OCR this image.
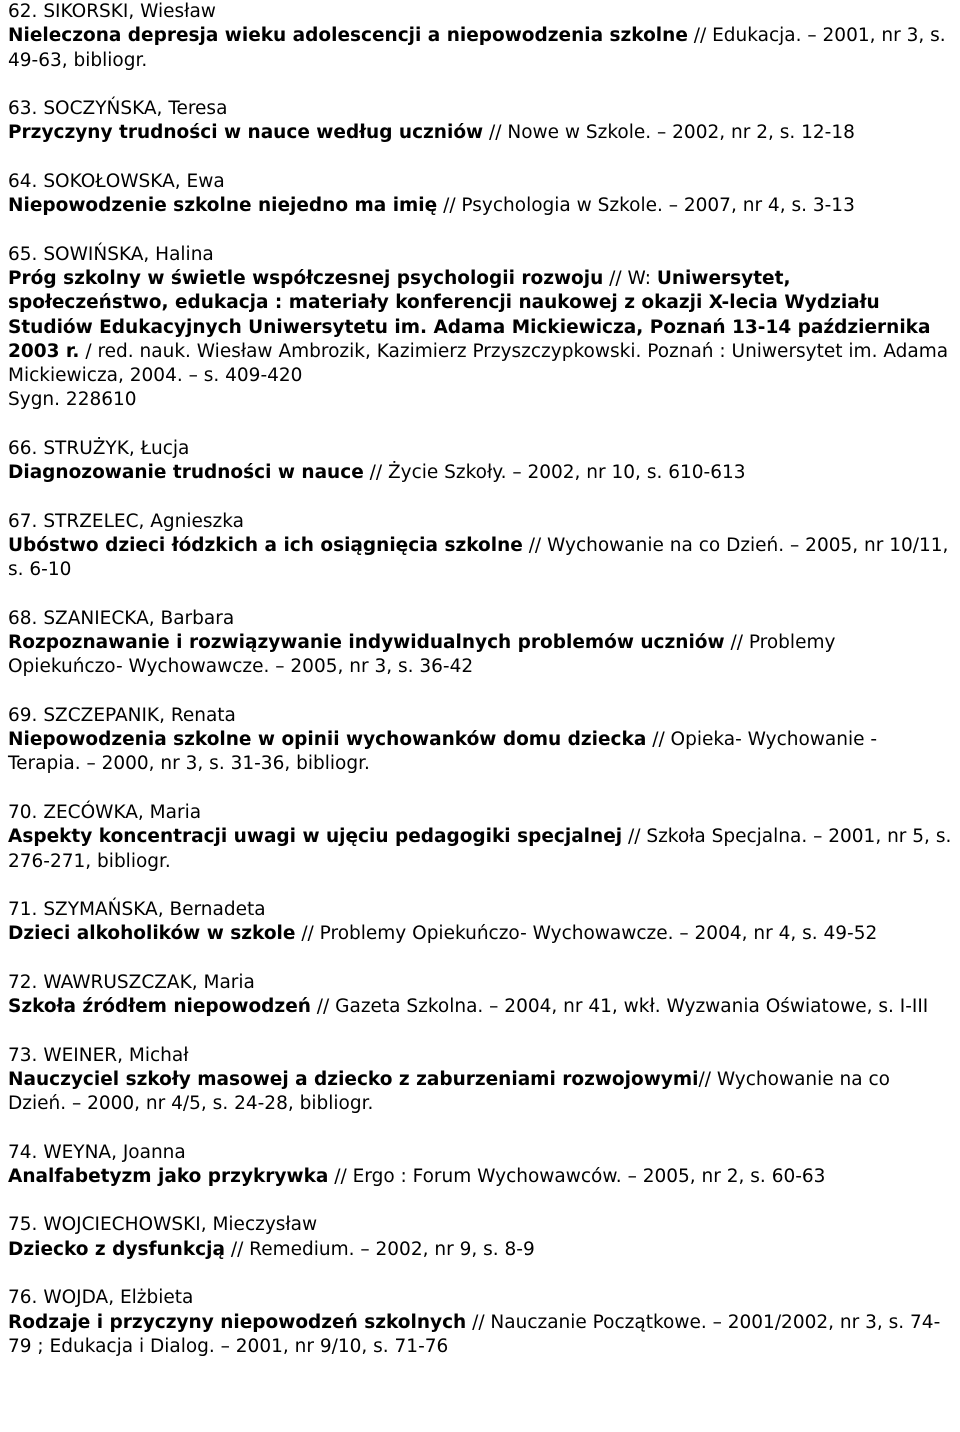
62. SIKORSKI, Wiesław
Nieleczona depresja wieku adolescencji a niepowodzenia szkolne // Edukacja. – 2001, nr 3, s. 49-63, bibliogr.
63. SOCZYŃSKA, Teresa
Przyczyny trudności w nauce według uczniów // Nowe w Szkole. – 2002, nr 2, s. 12-18
64. SOKOŁOWSKA, Ewa
Niepowodzenie szkolne niejedno ma imię // Psychologia w Szkole. – 2007, nr 4, s. 3-13
65. SOWIŃSKA, Halina
Próg szkolny w świetle współczesnej psychologii rozwoju // W: Uniwersytet, społeczeństwo, edukacja : materiały konferencji naukowej z okazji X-lecia Wydziału Studiów Edukacyjnych Uniwersytetu im. Adama Mickiewicza, Poznań 13-14 października 2003 r. / red. nauk. Wiesław Ambrozik, Kazimierz Przyszczypkowski. Poznań : Uniwersytet im. Adama Mickiewicza, 2004. – s. 409-420
Sygn. 228610
66. STRUŻYK, Łucja
Diagnozowanie trudności w nauce // Życie Szkoły. – 2002, nr 10, s. 610-613
67. STRZELEC, Agnieszka
Ubóstwo dzieci łódzkich a ich osiągnięcia szkolne // Wychowanie na co Dzień. – 2005, nr 10/11, s. 6-10
68. SZANIECKA, Barbara
Rozpoznawanie i rozwiązywanie indywidualnych problemów uczniów // Problemy Opiekuńczo- Wychowawcze. – 2005, nr 3, s. 36-42
69. SZCZEPANIK, Renata
Niepowodzenia szkolne w opinii wychowanków domu dziecka // Opieka- Wychowanie - Terapia. – 2000, nr 3, s. 31-36, bibliogr.
70. ZECÓWKA, Maria
Aspekty koncentracji uwagi w ujęciu pedagogiki specjalnej // Szkoła Specjalna. – 2001, nr 5, s. 276-271, bibliogr.
71. SZYMAŃSKA, Bernadeta
Dzieci alkoholików w szkole // Problemy Opiekuńczo- Wychowawcze. – 2004, nr 4, s. 49-52
72. WAWRUSZCZAK, Maria
Szkoła źródłem niepowodzeń // Gazeta Szkolna. – 2004, nr 41, wkł. Wyzwania Oświatowe, s. I-III
73. WEINER, Michał
Nauczyciel szkoły masowej a dziecko z zaburzeniami rozwojowymi// Wychowanie na co Dzień. – 2000, nr 4/5, s. 24-28, bibliogr.
74. WEYNA, Joanna
Analfabetyzm jako przykrywka // Ergo : Forum Wychowawców. – 2005, nr 2, s. 60-63
75. WOJCIECHOWSKI, Mieczysław
Dziecko z dysfunkcją // Remedium. – 2002, nr 9, s. 8-9
76. WOJDA, Elżbieta
Rodzaje i przyczyny niepowodzeń szkolnych // Nauczanie Początkowe. – 2001/2002, nr 3, s. 74-79 ; Edukacja i Dialog. – 2001, nr 9/10, s. 71-76
